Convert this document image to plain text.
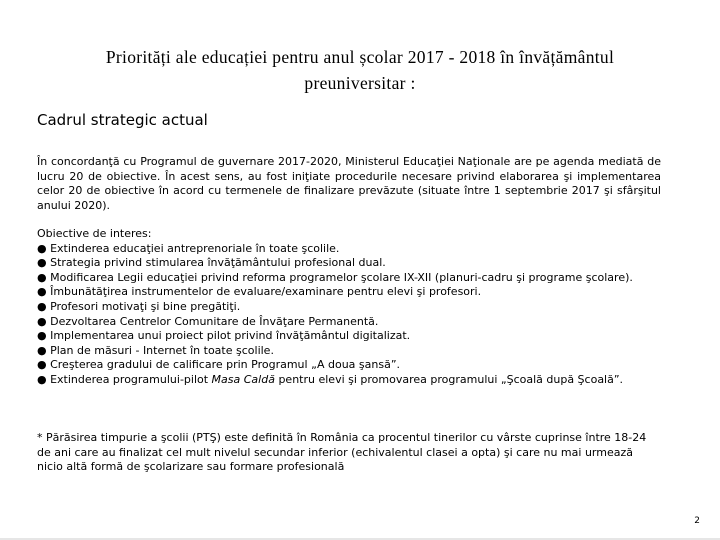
Priorități ale educației pentru anul școlar 2017 - 2018 în învățământul
preuniversitar :
Cadrul strategic actual
În concordanţă cu Programul de guvernare 2017-2020, Ministerul Educaţiei Naţionale are pe agenda mediată de lucru 20 de obiective. În acest sens, au fost iniţiate procedurile necesare privind elaborarea şi implementarea celor 20 de obiective în acord cu termenele de finalizare prevăzute (situate între 1 septembrie 2017 şi sfârşitul anului 2020).
Obiective de interes:
● Extinderea educaţiei antreprenoriale în toate şcolile.
● Strategia privind stimularea învăţământului profesional dual.
● Modificarea Legii educaţiei privind reforma programelor şcolare IX-XII (planuri-cadru şi programe şcolare).
● Îmbunătăţirea instrumentelor de evaluare/examinare pentru elevi şi profesori.
● Profesori motivaţi şi bine pregătiţi.
● Dezvoltarea Centrelor Comunitare de Învăţare Permanentă.
● Implementarea unui proiect pilot privind învăţământul digitalizat.
● Plan de măsuri - Internet în toate şcolile.
● Creşterea gradului de calificare prin Programul „A doua şansă”.
● Extinderea programului-pilot Masa Caldă pentru elevi şi promovarea programului „Şcoală după Şcoală”.
* Părăsirea timpurie a şcolii (PTŞ) este definită în România ca procentul tinerilor cu vârste cuprinse între 18-24 de ani care au finalizat cel mult nivelul secundar inferior (echivalentul clasei a opta) şi care nu mai urmează nicio altă formă de şcolarizare sau formare profesională
2
